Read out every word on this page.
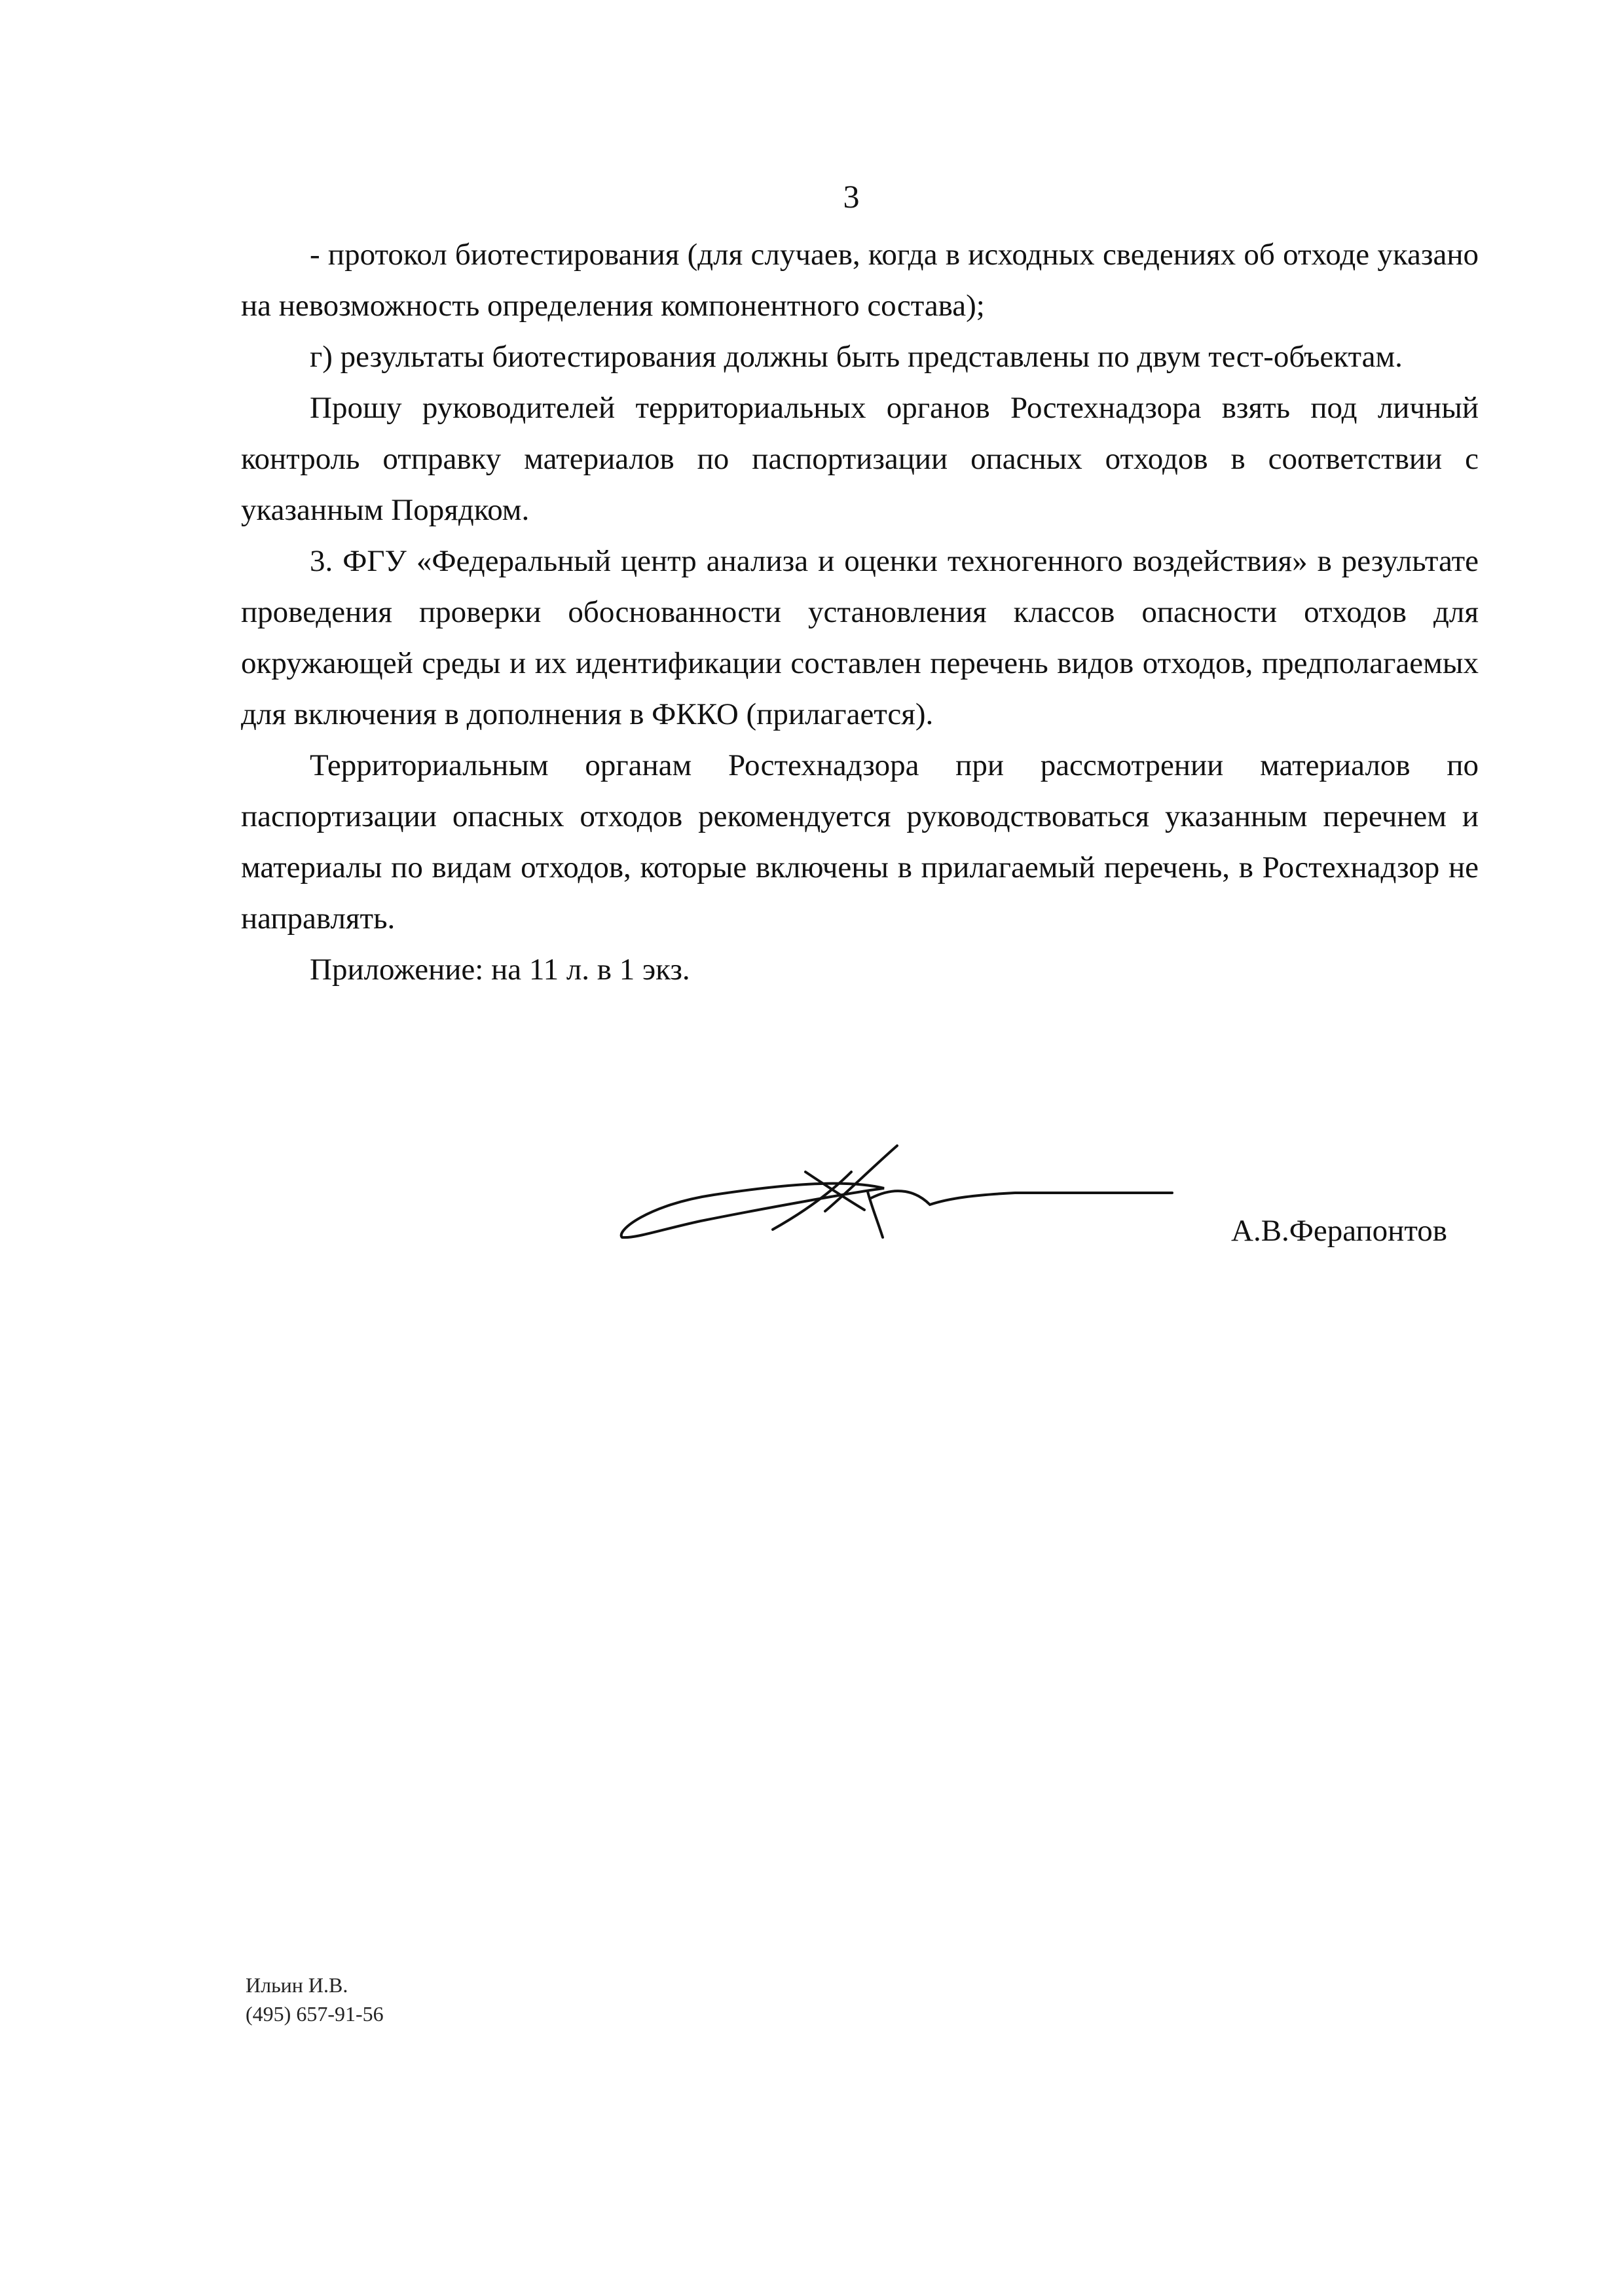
3

- протокол биотестирования (для случаев, когда в исходных сведениях об отходе указано на невозможность определения компонентного состава);

г) результаты биотестирования должны быть представлены по двум тест-объектам.

Прошу руководителей территориальных органов Ростехнадзора взять под личный контроль отправку материалов по паспортизации опасных отходов в соответствии с указанным Порядком.

3. ФГУ «Федеральный центр анализа и оценки техногенного воздействия» в результате проведения проверки обоснованности установления классов опасности отходов для окружающей среды и их идентификации составлен перечень видов отходов, предполагаемых для включения в дополнения в ФККО (прилагается).

Территориальным органам Ростехнадзора при рассмотрении материалов по паспортизации опасных отходов рекомендуется руководствоваться указанным перечнем и материалы по видам отходов, которые включены в прилагаемый перечень, в Ростехнадзор не направлять.

Приложение: на 11 л. в 1 экз.

А.В.Ферапонтов
Ильин И.В.
(495) 657-91-56
